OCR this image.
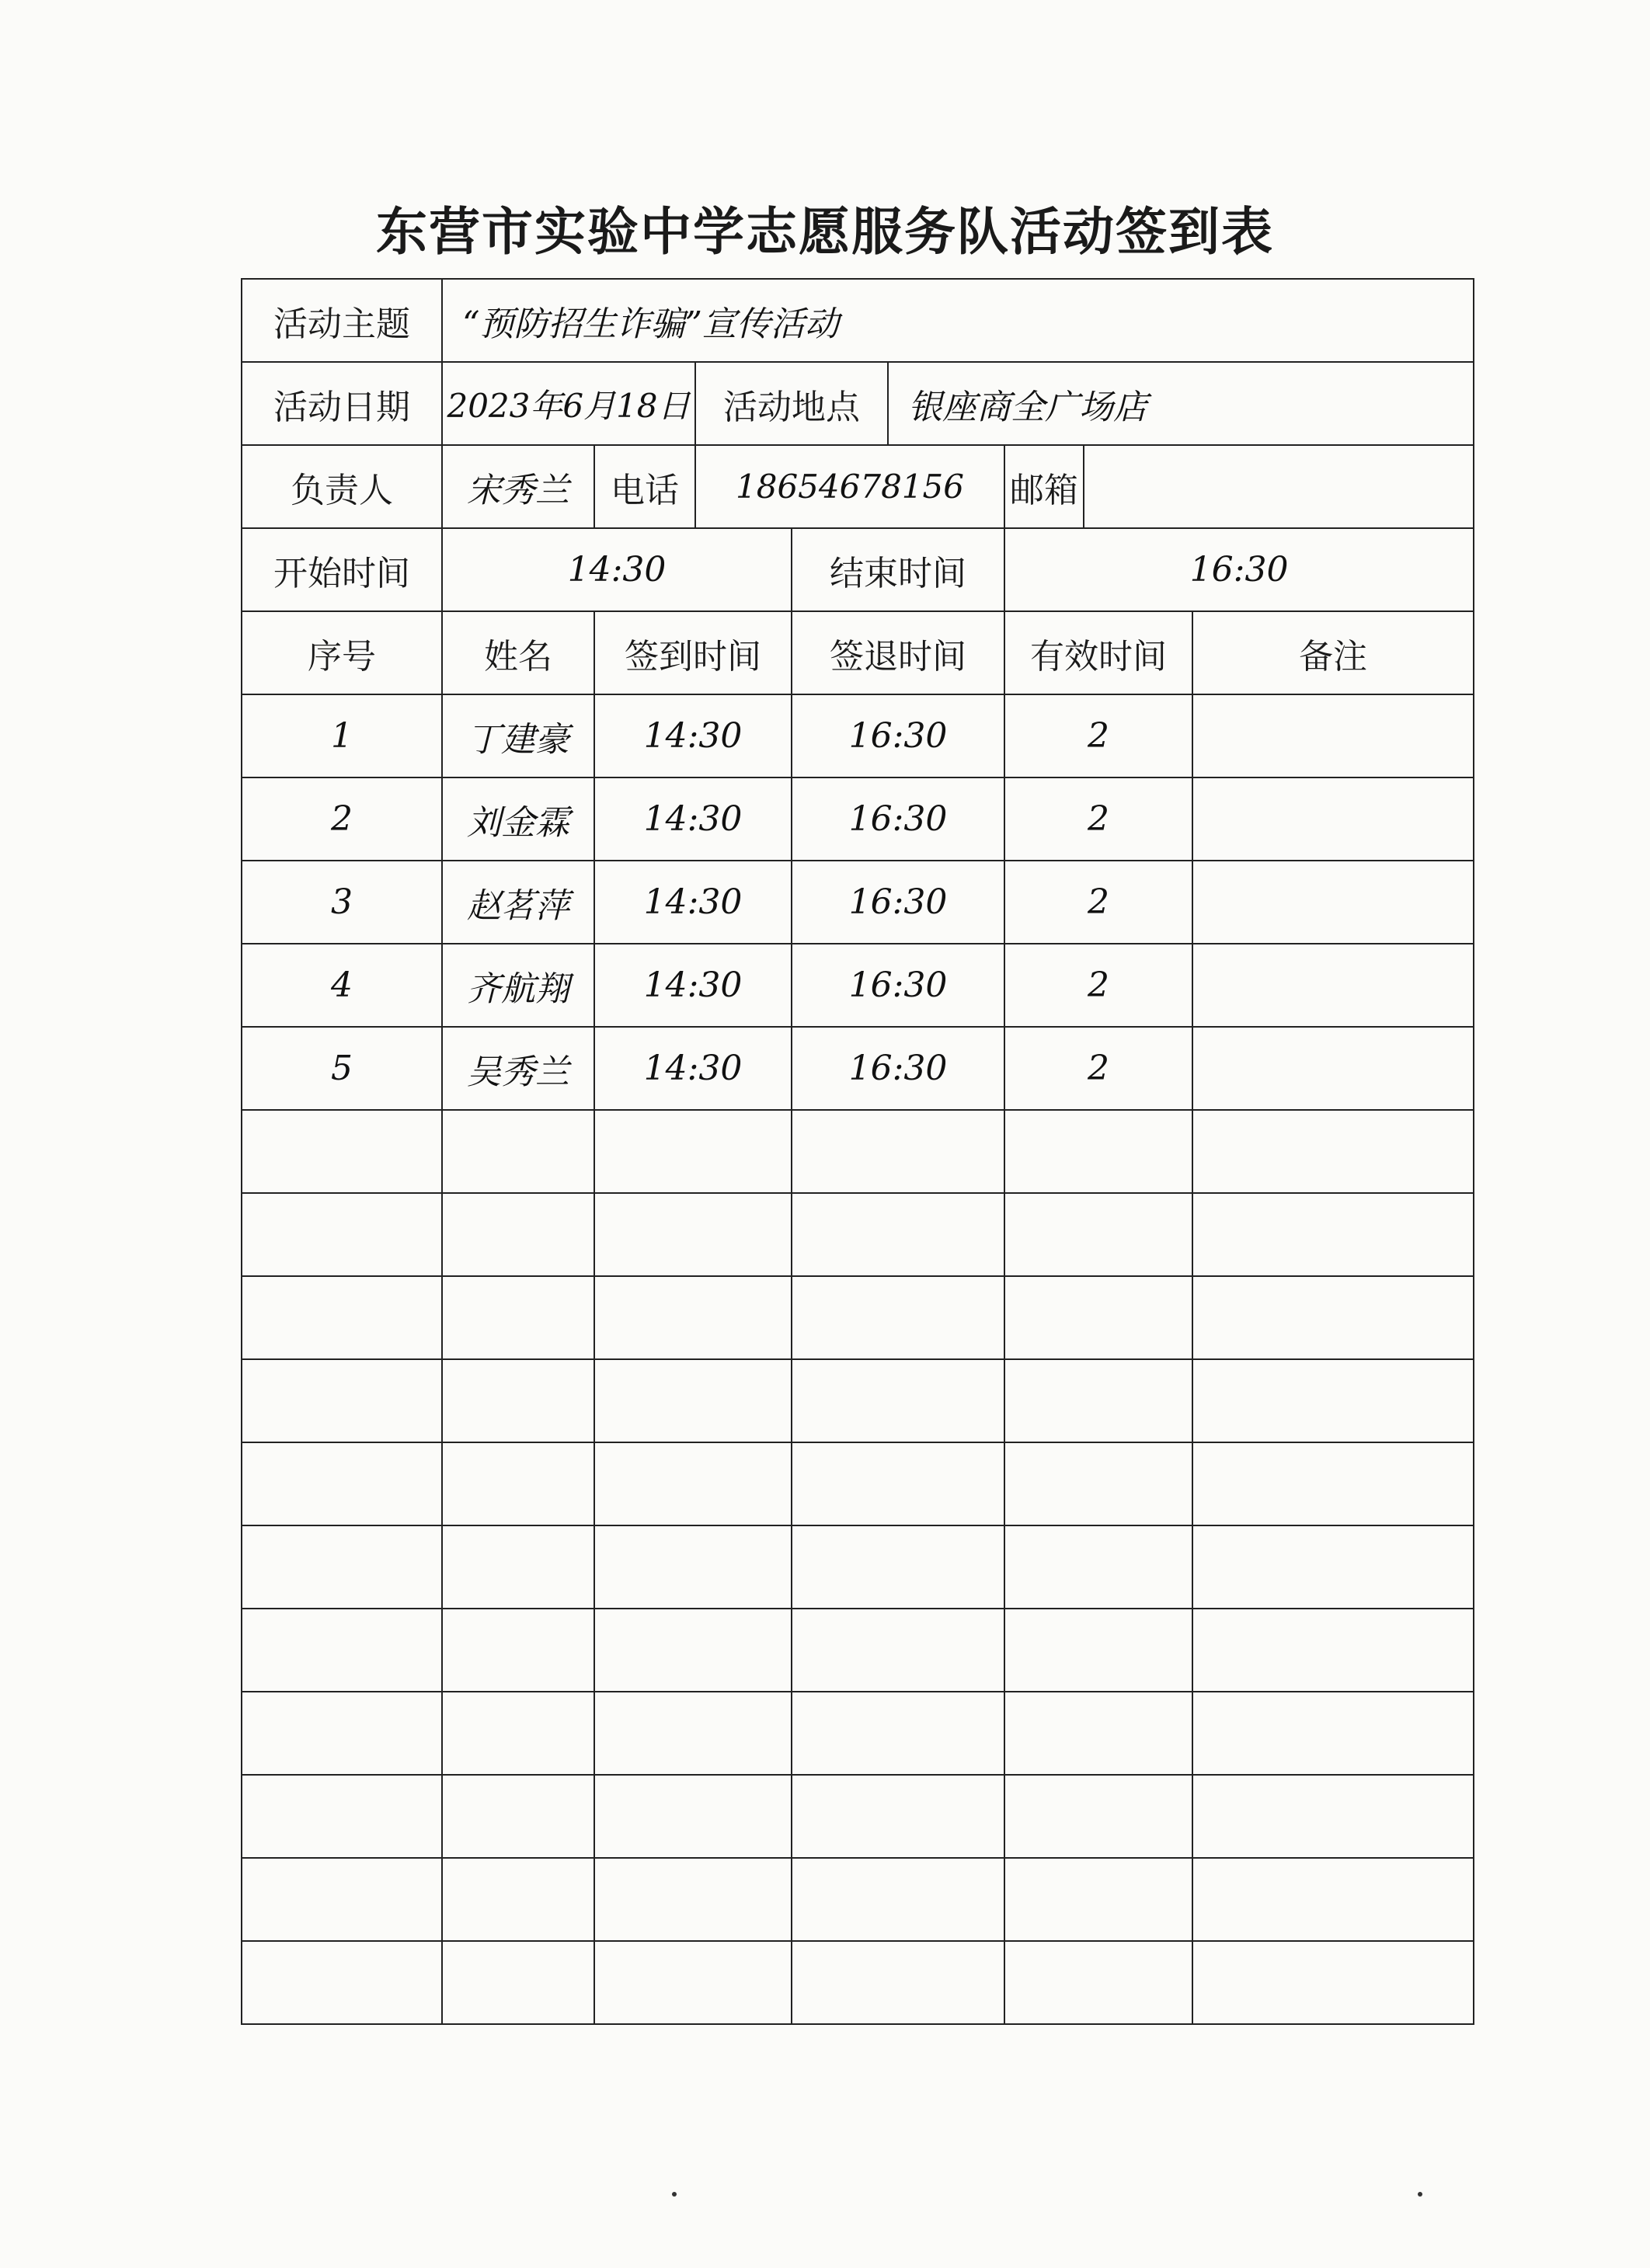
东营市实验中学志愿服务队活动签到表
活动主题	“预防招生诈骗”宣传活动							
活动日期	2023年6月18日		活动地点		银座商全广场店			
负责人	宋秀兰	电话	18654678156			邮箱		
开始时间	14:30			结束时间		16:30		
序号	姓名	签到时间		签退时间		有效时间		备注
1	丁建豪	14:30		16:30		2		
2	刘金霖	14:30		16:30		2		
3	赵茗萍	14:30		16:30		2		
4	齐航翔	14:30		16:30		2		
5	吴秀兰	14:30		16:30		2		
